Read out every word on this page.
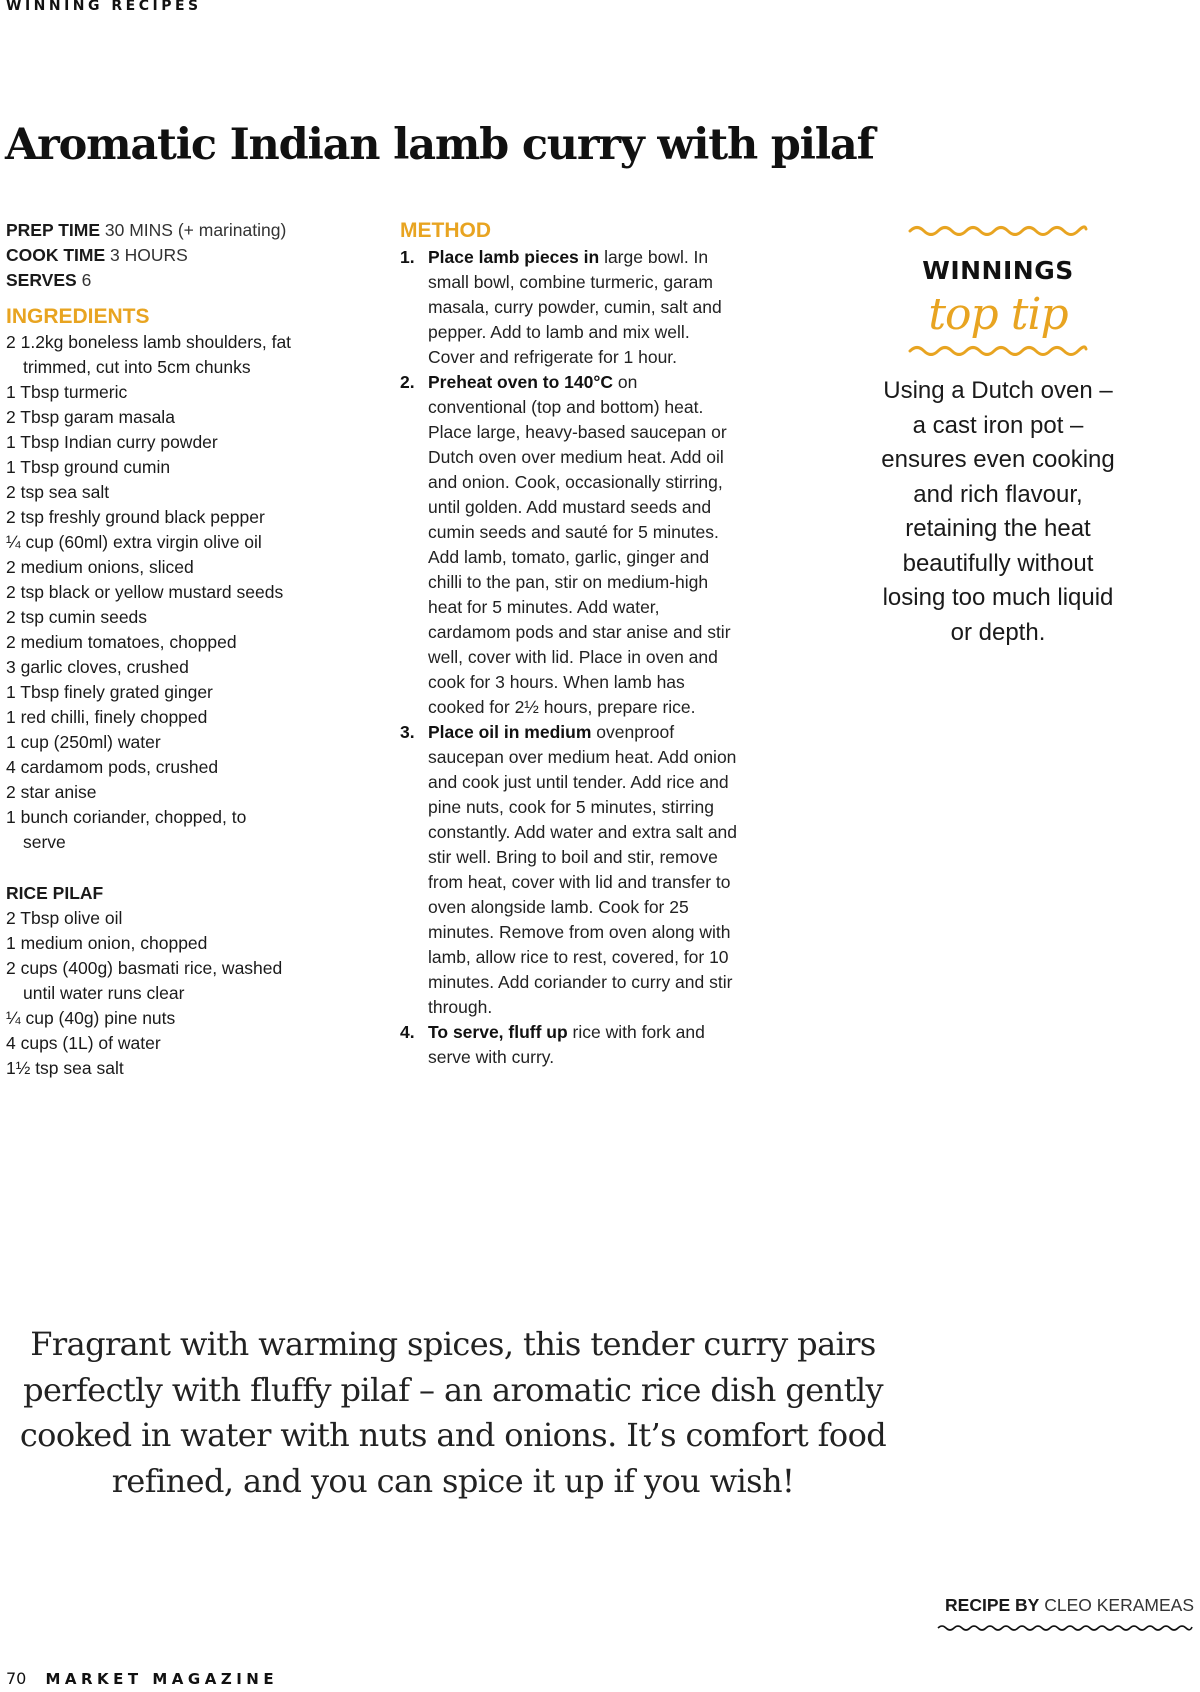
WINNING RECIPES
Aromatic Indian lamb curry with pilaf
PREP TIME 30 MINS (+ marinating)
COOK TIME 3 HOURS
SERVES 6
INGREDIENTS
2 1.2kg boneless lamb shoulders, fat trimmed, cut into 5cm chunks
1 Tbsp turmeric
2 Tbsp garam masala
1 Tbsp Indian curry powder
1 Tbsp ground cumin
2 tsp sea salt
2 tsp freshly ground black pepper
¼ cup (60ml) extra virgin olive oil
2 medium onions, sliced
2 tsp black or yellow mustard seeds
2 tsp cumin seeds
2 medium tomatoes, chopped
3 garlic cloves, crushed
1 Tbsp finely grated ginger
1 red chilli, finely chopped
1 cup (250ml) water
4 cardamom pods, crushed
2 star anise
1 bunch coriander, chopped, to serve
RICE PILAF
2 Tbsp olive oil
1 medium onion, chopped
2 cups (400g) basmati rice, washed until water runs clear
¼ cup (40g) pine nuts
4 cups (1L) of water
1½ tsp sea salt
METHOD
1. Place lamb pieces in large bowl. In small bowl, combine turmeric, garam masala, curry powder, cumin, salt and pepper. Add to lamb and mix well. Cover and refrigerate for 1 hour.
2. Preheat oven to 140°C on conventional (top and bottom) heat. Place large, heavy-based saucepan or Dutch oven over medium heat. Add oil and onion. Cook, occasionally stirring, until golden. Add mustard seeds and cumin seeds and sauté for 5 minutes. Add lamb, tomato, garlic, ginger and chilli to the pan, stir on medium-high heat for 5 minutes. Add water, cardamom pods and star anise and stir well, cover with lid. Place in oven and cook for 3 hours. When lamb has cooked for 2½ hours, prepare rice.
3. Place oil in medium ovenproof saucepan over medium heat. Add onion and cook just until tender. Add rice and pine nuts, cook for 5 minutes, stirring constantly. Add water and extra salt and stir well. Bring to boil and stir, remove from heat, cover with lid and transfer to oven alongside lamb. Cook for 25 minutes. Remove from oven along with lamb, allow rice to rest, covered, for 10 minutes. Add coriander to curry and stir through.
4. To serve, fluff up rice with fork and serve with curry.
WINNINGS
top tip
Using a Dutch oven – a cast iron pot – ensures even cooking and rich flavour, retaining the heat beautifully without losing too much liquid or depth.

Fragrant with warming spices, this tender curry pairs perfectly with fluffy pilaf – an aromatic rice dish gently cooked in water with nuts and onions. It’s comfort food refined, and you can spice it up if you wish!

RECIPE BY CLEO KERAMEAS
70 MARKET MAGAZINE
